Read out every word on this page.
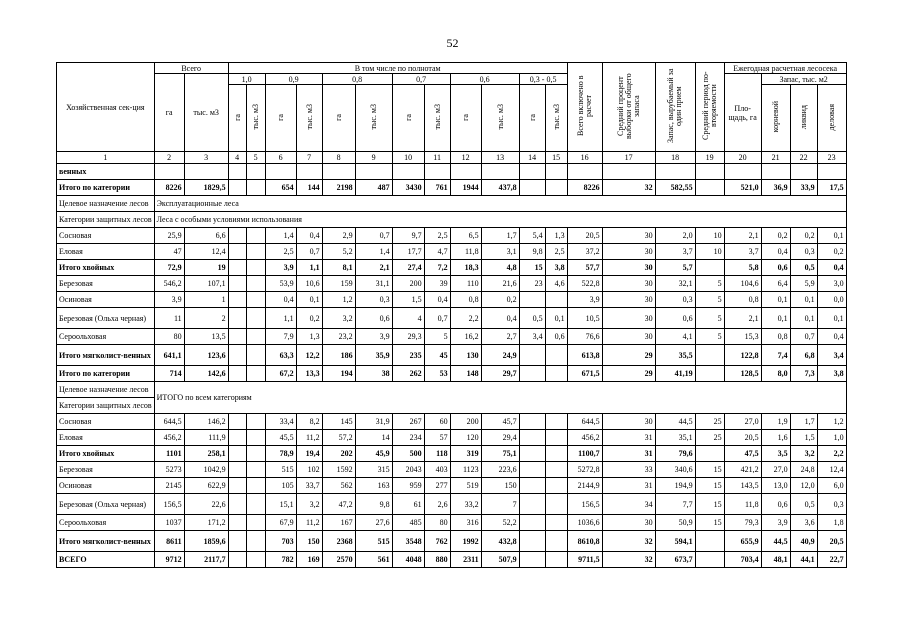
52
Хозяйственная сек-ция	Всего		В том числе по полнотам												Всего включено в расчет	Средний процент выборки от общего запаса	Запас, вырубаемый за один прием	Средний период по-вторяемости	Ежегодная расчетная лесосека			
	га	тыс. м3	1,0		0,9		0,8		0,7		0,6		0,3 - 0,5						Пло-щадь, га	Запас, тыс. м2		
			га	тыс. м3	га	тыс. м3	га	тыс. м3	га	тыс. м3	га	тыс. м3	га	тыс. м3						корневой	ликвид	деловая
1	2	3	4	5	6	7	8	9	10	11	12	13	14	15	16	17	18	19	20	21	22	23
венных																						
Итого по категории	8226	1829,5			654	144	2198	487	3430	761	1944	437,8			8226	32	582,55		521,0	36,9	33,9	17,5
Целевое назначение лесов	Эксплуатационные леса																					
Категории защитных лесов	Леса с особыми условиями использования																					
Сосновая	25,9	6,6			1,4	0,4	2,9	0,7	9,7	2,5	6,5	1,7	5,4	1,3	20,5	30	2,0	10	2,1	0,2	0,2	0,1
Еловая	47	12,4			2,5	0,7	5,2	1,4	17,7	4,7	11,8	3,1	9,8	2,5	37,2	30	3,7	10	3,7	0,4	0,3	0,2
Итого хвойных	72,9	19			3,9	1,1	8,1	2,1	27,4	7,2	18,3	4,8	15	3,8	57,7	30	5,7		5,8	0,6	0,5	0,4
Березовая	546,2	107,1			53,9	10,6	159	31,1	200	39	110	21,6	23	4,6	522,8	30	32,1	5	104,6	6,4	5,9	3,0
Осиновая	3,9	1			0,4	0,1	1,2	0,3	1,5	0,4	0,8	0,2			3,9	30	0,3	5	0,8	0,1	0,1	0,0
Березовая (Ольха черная)	11	2			1,1	0,2	3,2	0,6	4	0,7	2,2	0,4	0,5	0,1	10,5	30	0,6	5	2,1	0,1	0,1	0,1
Сероольховая	80	13,5			7,9	1,3	23,2	3,9	29,3	5	16,2	2,7	3,4	0,6	76,6	30	4,1	5	15,3	0,8	0,7	0,4
Итого мягколист-венных	641,1	123,6			63,3	12,2	186	35,9	235	45	130	24,9			613,8	29	35,5		122,8	7,4	6,8	3,4
Итого по категории	714	142,6			67,2	13,3	194	38	262	53	148	29,7			671,5	29	41,19		128,5	8,0	7,3	3,8
Целевое назначение лесов	ИТОГО по всем категориям																					
Категории защитных лесов																						
Сосновая	644,5	146,2			33,4	8,2	145	31,9	267	60	200	45,7			644,5	30	44,5	25	27,0	1,9	1,7	1,2
Еловая	456,2	111,9			45,5	11,2	57,2	14	234	57	120	29,4			456,2	31	35,1	25	20,5	1,6	1,5	1,0
Итого хвойных	1101	258,1			78,9	19,4	202	45,9	500	118	319	75,1			1100,7	31	79,6		47,5	3,5	3,2	2,2
Березовая	5273	1042,9			515	102	1592	315	2043	403	1123	223,6			5272,8	33	340,6	15	421,2	27,0	24,8	12,4
Осиновая	2145	622,9			105	33,7	562	163	959	277	519	150			2144,9	31	194,9	15	143,5	13,0	12,0	6,0
Березовая (Ольха черная)	156,5	22,6			15,1	3,2	47,2	9,8	61	2,6	33,2	7			156,5	34	7,7	15	11,8	0,6	0,5	0,3
Сероольховая	1037	171,2			67,9	11,2	167	27,6	485	80	316	52,2			1036,6	30	50,9	15	79,3	3,9	3,6	1,8
Итого мягколист-венных	8611	1859,6			703	150	2368	515	3548	762	1992	432,8			8610,8	32	594,1		655,9	44,5	40,9	20,5
ВСЕГО	9712	2117,7			782	169	2570	561	4048	880	2311	507,9			9711,5	32	673,7		703,4	48,1	44,1	22,7
